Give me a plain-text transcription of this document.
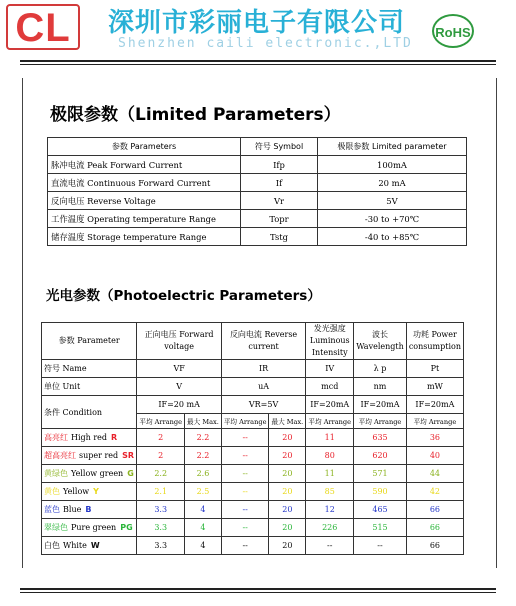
CL	深圳市彩丽电子有限公司
Shenzhen caili electronic.,LTD
RoHS
极限参数（Limited Parameters）
参数 Parameters	符号 Symbol	极限参数 Limited parameter
脉冲电流 Peak Forward Current	Ifp	100mA
直流电流 Continuous Forward Current	If	20 mA
反向电压 Reverse Voltage	Vr	5V
工作温度 Operating temperature Range	Topr	-30 to +70℃
储存温度 Storage temperature Range	Tstg	-40 to +85℃
光电参数（Photoelectric Parameters）
参数 Parameter	正向电压 Forward voltage		反向电流 Reverse current		发光强度 Luminous Intensity	波长 Wavelength	功耗 Power consumption
符号 Name	VF		IR		IV	λ p	Pt
单位 Unit	V		uA		mcd	nm	mW
条件 Condition	IF=20 mA		VR=5V		IF=20mA	IF=20mA	IF=20mA
	平均 Arrange	最大 Max.	平均 Arrange	最大 Max.	平均 Arrange	平均 Arrange	平均 Arrange
高亮红 High red R	2	2.2	--	20	11	635	36
超高亮红 super red SR	2	2.2	--	20	80	620	40
黄绿色 Yellow green G	2.2	2.6	--	20	11	571	44
黄色 Yellow Y	2.1	2.5	--	20	85	590	42
蓝色 Blue B	3.3	4	--	20	12	465	66
翠绿色 Pure green PG	3.3	4	--	20	226	515	66
白色 White W	3.3	4	--	20	--	--	66
